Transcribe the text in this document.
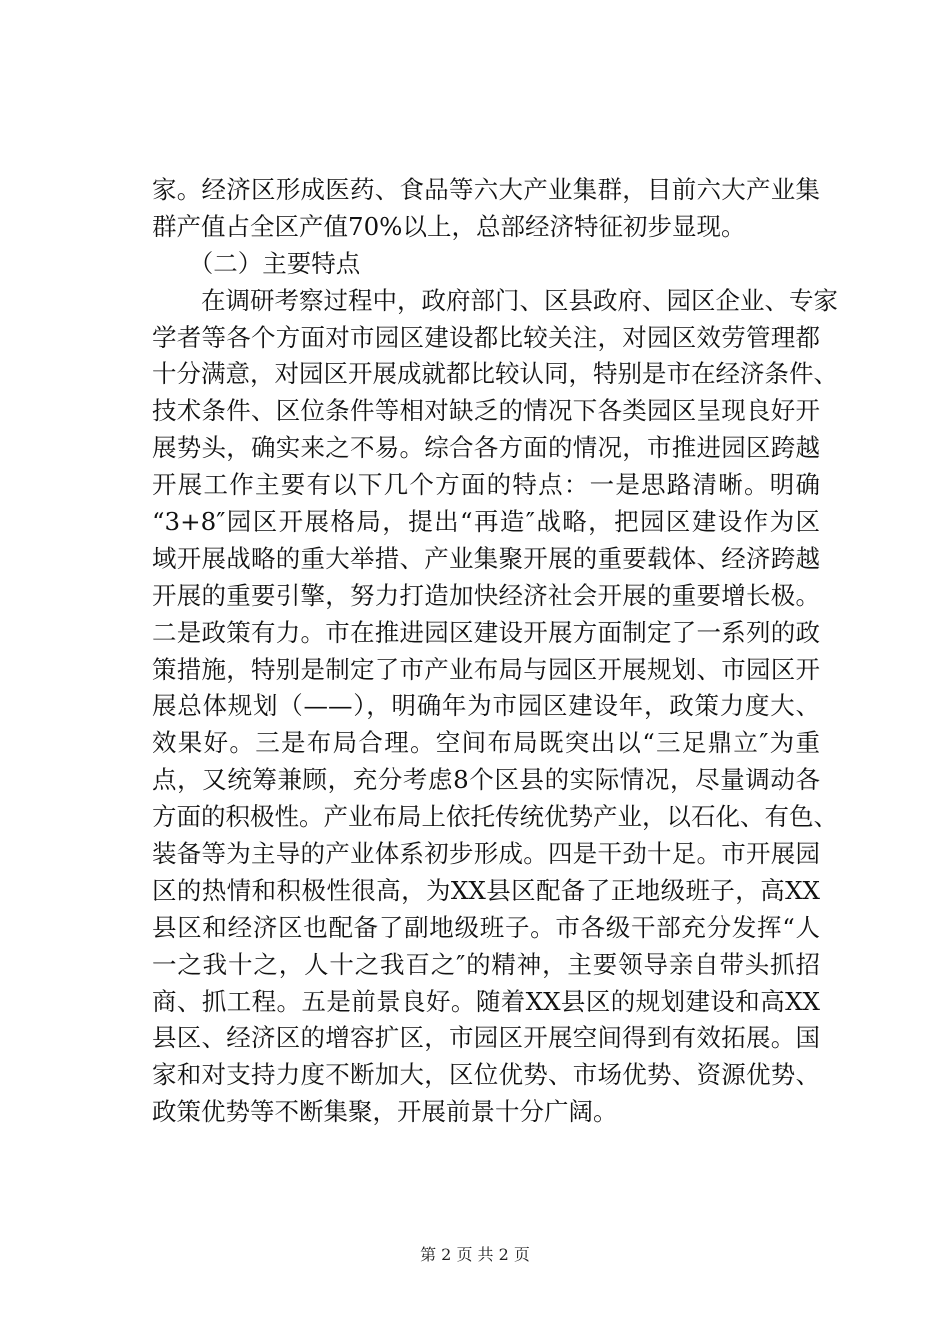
家。经济区形成医药、食品等六大产业集群，目前六大产业集
群产值占全区产值70%以上，总部经济特征初步显现。
　　（二）主要特点
　　在调研考察过程中，政府部门、区县政府、园区企业、专家
学者等各个方面对市园区建设都比较关注，对园区效劳管理都
十分满意，对园区开展成就都比较认同，特别是市在经济条件、
技术条件、区位条件等相对缺乏的情况下各类园区呈现良好开
展势头，确实来之不易。综合各方面的情况，市推进园区跨越
开展工作主要有以下几个方面的特点：一是思路清晰。明确
“3+8″园区开展格局，提出“再造″战略，把园区建设作为区
域开展战略的重大举措、产业集聚开展的重要载体、经济跨越
开展的重要引擎，努力打造加快经济社会开展的重要增长极。
二是政策有力。市在推进园区建设开展方面制定了一系列的政
策措施，特别是制定了市产业布局与园区开展规划、市园区开
展总体规划（——），明确年为市园区建设年，政策力度大、
效果好。三是布局合理。空间布局既突出以“三足鼎立″为重
点，又统筹兼顾，充分考虑8个区县的实际情况，尽量调动各
方面的积极性。产业布局上依托传统优势产业，以石化、有色、
装备等为主导的产业体系初步形成。四是干劲十足。市开展园
区的热情和积极性很高，为XX县区配备了正地级班子，高XX
县区和经济区也配备了副地级班子。市各级干部充分发挥“人
一之我十之，人十之我百之″的精神，主要领导亲自带头抓招
商、抓工程。五是前景良好。随着XX县区的规划建设和高XX
县区、经济区的增容扩区，市园区开展空间得到有效拓展。国
家和对支持力度不断加大，区位优势、市场优势、资源优势、
政策优势等不断集聚，开展前景十分广阔。
第 2 页 共 2 页
